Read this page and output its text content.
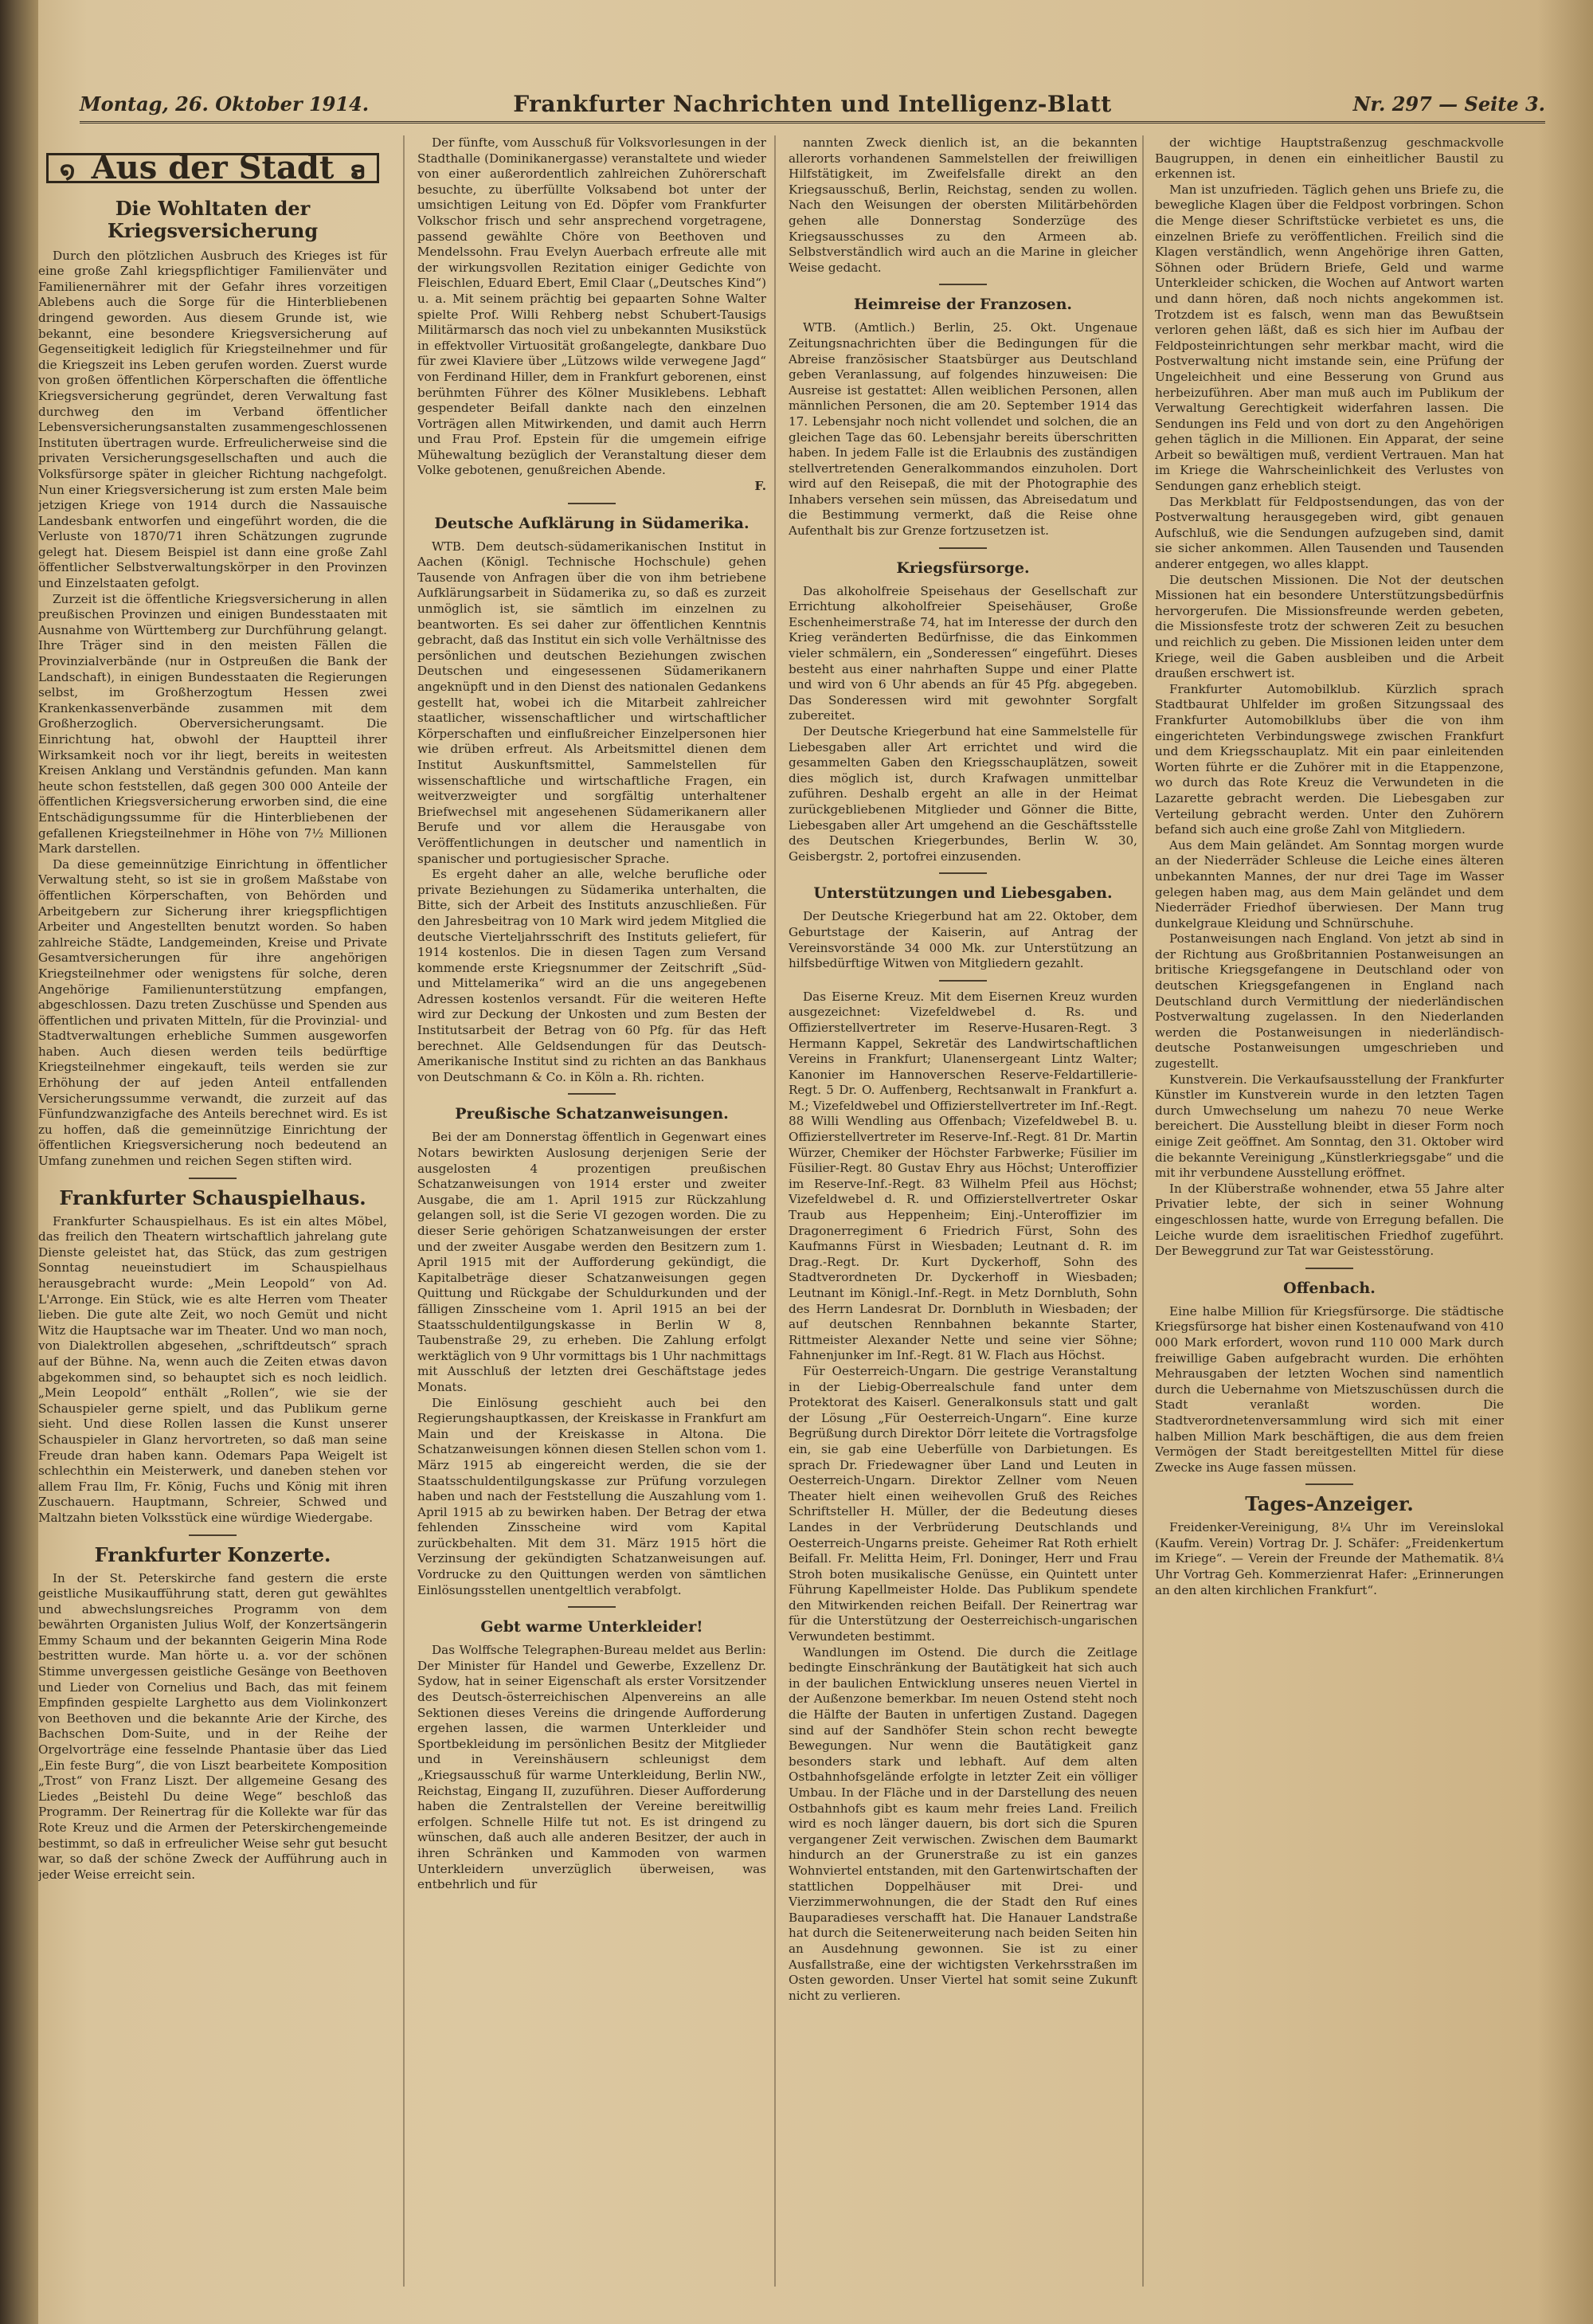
Montag, 26. Oktober 1914.	Frankfurter Nachrichten und Intelligenz-Blatt	Nr. 297 — Seite 3.
໑ Aus der Stadt ອ
Die Wohltaten der Kriegsversicherung

Durch den plötzlichen Ausbruch des Krieges ist für eine große Zahl kriegspflichtiger Familienväter und Familienernährer mit der Gefahr ihres vorzeitigen Ablebens auch die Sorge für die Hinterbliebenen dringend geworden. Aus diesem Grunde ist, wie bekannt, eine besondere Kriegsversicherung auf Gegenseitigkeit lediglich für Kriegsteilnehmer und für die Kriegszeit ins Leben gerufen worden. Zuerst wurde von großen öffentlichen Körperschaften die öffentliche Kriegsversicherung gegründet, deren Verwaltung fast durchweg den im Verband öffentlicher Lebensversicherungsanstalten zusammengeschlossenen Instituten übertragen wurde. Erfreulicherweise sind die privaten Versicherungsgesellschaften und auch die Volksfürsorge später in gleicher Richtung nachgefolgt. Nun einer Kriegsversicherung ist zum ersten Male beim jetzigen Kriege von 1914 durch die Nassauische Landesbank entworfen und eingeführt worden, die die Verluste von 1870/71 ihren Schätzungen zugrunde gelegt hat. Diesem Beispiel ist dann eine große Zahl öffentlicher Selbstverwaltungskörper in den Provinzen und Einzelstaaten gefolgt.

Zurzeit ist die öffentliche Kriegsversicherung in allen preußischen Provinzen und einigen Bundesstaaten mit Ausnahme von Württemberg zur Durchführung gelangt. Ihre Träger sind in den meisten Fällen die Provinzialverbände (nur in Ostpreußen die Bank der Landschaft), in einigen Bundesstaaten die Regierungen selbst, im Großherzogtum Hessen zwei Krankenkassenverbände zusammen mit dem Großherzoglich. Oberversicherungsamt. Die Einrichtung hat, obwohl der Hauptteil ihrer Wirksamkeit noch vor ihr liegt, bereits in weitesten Kreisen Anklang und Verständnis gefunden. Man kann heute schon feststellen, daß gegen 300 000 Anteile der öffentlichen Kriegsversicherung erworben sind, die eine Entschädigungssumme für die Hinterbliebenen der gefallenen Kriegsteilnehmer in Höhe von 7½ Millionen Mark darstellen.

Da diese gemeinnützige Einrichtung in öffentlicher Verwaltung steht, so ist sie in großem Maßstabe von öffentlichen Körperschaften, von Behörden und Arbeitgebern zur Sicherung ihrer kriegspflichtigen Arbeiter und Angestellten benutzt worden. So haben zahlreiche Städte, Landgemeinden, Kreise und Private Gesamtversicherungen für ihre angehörigen Kriegsteilnehmer oder wenigstens für solche, deren Angehörige Familienunterstützung empfangen, abgeschlossen. Dazu treten Zuschüsse und Spenden aus öffentlichen und privaten Mitteln, für die Provinzial- und Stadtverwaltungen erhebliche Summen ausgeworfen haben. Auch diesen werden teils bedürftige Kriegsteilnehmer eingekauft, teils werden sie zur Erhöhung der auf jeden Anteil entfallenden Versicherungssumme verwandt, die zurzeit auf das Fünfundzwanzigfache des Anteils berechnet wird. Es ist zu hoffen, daß die gemeinnützige Einrichtung der öffentlichen Kriegsversicherung noch bedeutend an Umfang zunehmen und reichen Segen stiften wird.

Frankfurter Schauspielhaus.

Frankfurter Schauspielhaus. Es ist ein altes Möbel, das freilich den Theatern wirtschaftlich jahrelang gute Dienste geleistet hat, das Stück, das zum gestrigen Sonntag neueinstudiert im Schauspielhaus herausgebracht wurde: „Mein Leopold“ von Ad. L'Arronge. Ein Stück, wie es alte Herren vom Theater lieben. Die gute alte Zeit, wo noch Gemüt und nicht Witz die Hauptsache war im Theater. Und wo man noch, von Dialektrollen abgesehen, „schriftdeutsch“ sprach auf der Bühne. Na, wenn auch die Zeiten etwas davon abgekommen sind, so behauptet sich es noch leidlich. „Mein Leopold“ enthält „Rollen“, wie sie der Schauspieler gerne spielt, und das Publikum gerne sieht. Und diese Rollen lassen die Kunst unserer Schauspieler in Glanz hervortreten, so daß man seine Freude dran haben kann. Odemars Papa Weigelt ist schlechthin ein Meisterwerk, und daneben stehen vor allem Frau Ilm, Fr. König, Fuchs und König mit ihren Zuschauern. Hauptmann, Schreier, Schwed und Maltzahn bieten Volksstück eine würdige Wiedergabe.

Frankfurter Konzerte.

In der St. Peterskirche fand gestern die erste geistliche Musikaufführung statt, deren gut gewähltes und abwechslungsreiches Programm von dem bewährten Organisten Julius Wolf, der Konzertsängerin Emmy Schaum und der bekannten Geigerin Mina Rode bestritten wurde. Man hörte u. a. vor der schönen Stimme unvergessen geistliche Gesänge von Beethoven und Lieder von Cornelius und Bach, das mit feinem Empfinden gespielte Larghetto aus dem Violinkonzert von Beethoven und die bekannte Arie der Kirche, des Bachschen Dom-Suite, und in der Reihe der Orgelvorträge eine fesselnde Phantasie über das Lied „Ein feste Burg“, die von Liszt bearbeitete Komposition „Trost“ von Franz Liszt. Der allgemeine Gesang des Liedes „Beistehl Du deine Wege“ beschloß das Programm. Der Reinertrag für die Kollekte war für das Rote Kreuz und die Armen der Peterskirchengemeinde bestimmt, so daß in erfreulicher Weise sehr gut besucht war, so daß der schöne Zweck der Aufführung auch in jeder Weise erreicht sein.

Der fünfte, vom Ausschuß für Volksvorlesungen in der Stadthalle (Dominikanergasse) veranstaltete und wieder von einer außerordentlich zahlreichen Zuhörerschaft besuchte, zu überfüllte Volksabend bot unter der umsichtigen Leitung von Ed. Döpfer vom Frankfurter Volkschor frisch und sehr ansprechend vorgetragene, passend gewählte Chöre von Beethoven und Mendelssohn. Frau Evelyn Auerbach erfreute alle mit der wirkungsvollen Rezitation einiger Gedichte von Fleischlen, Eduard Ebert, Emil Claar („Deutsches Kind“) u. a. Mit seinem prächtig bei gepaarten Sohne Walter spielte Prof. Willi Rehberg nebst Schubert-Tausigs Militärmarsch das noch viel zu unbekannten Musikstück in effektvoller Virtuosität großangelegte, dankbare Duo für zwei Klaviere über „Lützows wilde verwegene Jagd“ von Ferdinand Hiller, dem in Frankfurt geborenen, einst berühmten Führer des Kölner Musiklebens. Lebhaft gespendeter Beifall dankte nach den einzelnen Vorträgen allen Mitwirkenden, und damit auch Herrn und Frau Prof. Epstein für die umgemein eifrige Mühewaltung bezüglich der Veranstaltung dieser dem Volke gebotenen, genußreichen Abende.

F.
Deutsche Aufklärung in Südamerika.

WTB. Dem deutsch-südamerikanischen Institut in Aachen (Königl. Technische Hochschule) gehen Tausende von Anfragen über die von ihm betriebene Aufklärungsarbeit in Südamerika zu, so daß es zurzeit unmöglich ist, sie sämtlich im einzelnen zu beantworten. Es sei daher zur öffentlichen Kenntnis gebracht, daß das Institut ein sich volle Verhältnisse des persönlichen und deutschen Beziehungen zwischen Deutschen und eingesessenen Südamerikanern angeknüpft und in den Dienst des nationalen Gedankens gestellt hat, wobei ich die Mitarbeit zahlreicher staatlicher, wissenschaftlicher und wirtschaftlicher Körperschaften und einflußreicher Einzelpersonen hier wie drüben erfreut. Als Arbeitsmittel dienen dem Institut Auskunftsmittel, Sammelstellen für wissenschaftliche und wirtschaftliche Fragen, ein weitverzweigter und sorgfältig unterhaltener Briefwechsel mit angesehenen Südamerikanern aller Berufe und vor allem die Herausgabe von Veröffentlichungen in deutscher und namentlich in spanischer und portugiesischer Sprache.

Es ergeht daher an alle, welche berufliche oder private Beziehungen zu Südamerika unterhalten, die Bitte, sich der Arbeit des Instituts anzuschließen. Für den Jahresbeitrag von 10 Mark wird jedem Mitglied die deutsche Vierteljahrsschrift des Instituts geliefert, für 1914 kostenlos. Die in diesen Tagen zum Versand kommende erste Kriegsnummer der Zeitschrift „Süd- und Mittelamerika“ wird an die uns angegebenen Adressen kostenlos versandt. Für die weiteren Hefte wird zur Deckung der Unkosten und zum Besten der Institutsarbeit der Betrag von 60 Pfg. für das Heft berechnet. Alle Geldsendungen für das Deutsch-Amerikanische Institut sind zu richten an das Bankhaus von Deutschmann & Co. in Köln a. Rh. richten.

Preußische Schatzanweisungen.

Bei der am Donnerstag öffentlich in Gegenwart eines Notars bewirkten Auslosung derjenigen Serie der ausgelosten 4 prozentigen preußischen Schatzanweisungen von 1914 erster und zweiter Ausgabe, die am 1. April 1915 zur Rückzahlung gelangen soll, ist die Serie VI gezogen worden. Die zu dieser Serie gehörigen Schatzanweisungen der erster und der zweiter Ausgabe werden den Besitzern zum 1. April 1915 mit der Aufforderung gekündigt, die Kapitalbeträge dieser Schatzanweisungen gegen Quittung und Rückgabe der Schuldurkunden und der fälligen Zinsscheine vom 1. April 1915 an bei der Staatsschuldentilgungskasse in Berlin W 8, Taubenstraße 29, zu erheben. Die Zahlung erfolgt werktäglich von 9 Uhr vormittags bis 1 Uhr nachmittags mit Ausschluß der letzten drei Geschäftstage jedes Monats.

Die Einlösung geschieht auch bei den Regierungshauptkassen, der Kreiskasse in Frankfurt am Main und der Kreiskasse in Altona. Die Schatzanweisungen können diesen Stellen schon vom 1. März 1915 ab eingereicht werden, die sie der Staatsschuldentilgungskasse zur Prüfung vorzulegen haben und nach der Feststellung die Auszahlung vom 1. April 1915 ab zu bewirken haben. Der Betrag der etwa fehlenden Zinsscheine wird vom Kapital zurückbehalten. Mit dem 31. März 1915 hört die Verzinsung der gekündigten Schatzanweisungen auf. Vordrucke zu den Quittungen werden von sämtlichen Einlösungsstellen unentgeltlich verabfolgt.

Gebt warme Unterkleider!

Das Wolffsche Telegraphen-Bureau meldet aus Berlin: Der Minister für Handel und Gewerbe, Exzellenz Dr. Sydow, hat in seiner Eigenschaft als erster Vorsitzender des Deutsch-österreichischen Alpenvereins an alle Sektionen dieses Vereins die dringende Aufforderung ergehen lassen, die warmen Unterkleider und Sportbekleidung im persönlichen Besitz der Mitglieder und in Vereinshäusern schleunigst dem „Kriegsausschuß für warme Unterkleidung, Berlin NW., Reichstag, Eingang II, zuzuführen. Dieser Aufforderung haben die Zentralstellen der Vereine bereitwillig erfolgen. Schnelle Hilfe tut not. Es ist dringend zu wünschen, daß auch alle anderen Besitzer, der auch in ihren Schränken und Kammoden von warmen Unterkleidern unverzüglich überweisen, was entbehrlich und für

nannten Zweck dienlich ist, an die bekannten allerorts vorhandenen Sammelstellen der freiwilligen Hilfstätigkeit, im Zweifelsfalle direkt an den Kriegsausschuß, Berlin, Reichstag, senden zu wollen. Nach den Weisungen der obersten Militärbehörden gehen alle Donnerstag Sonderzüge des Kriegsausschusses zu den Armeen ab. Selbstverständlich wird auch an die Marine in gleicher Weise gedacht.

Heimreise der Franzosen.

WTB. (Amtlich.) Berlin, 25. Okt. Ungenaue Zeitungsnachrichten über die Bedingungen für die Abreise französischer Staatsbürger aus Deutschland geben Veranlassung, auf folgendes hinzuweisen: Die Ausreise ist gestattet: Allen weiblichen Personen, allen männlichen Personen, die am 20. September 1914 das 17. Lebensjahr noch nicht vollendet und solchen, die an gleichen Tage das 60. Lebensjahr bereits überschritten haben. In jedem Falle ist die Erlaubnis des zuständigen stellvertretenden Generalkommandos einzuholen. Dort wird auf den Reisepaß, die mit der Photographie des Inhabers versehen sein müssen, das Abreisedatum und die Bestimmung vermerkt, daß die Reise ohne Aufenthalt bis zur Grenze fortzusetzen ist.

Kriegsfürsorge.

Das alkoholfreie Speisehaus der Gesellschaft zur Errichtung alkoholfreier Speisehäuser, Große Eschenheimerstraße 74, hat im Interesse der durch den Krieg veränderten Bedürfnisse, die das Einkommen vieler schmälern, ein „Sonderessen“ eingeführt. Dieses besteht aus einer nahrhaften Suppe und einer Platte und wird von 6 Uhr abends an für 45 Pfg. abgegeben. Das Sonderessen wird mit gewohnter Sorgfalt zubereitet.

Der Deutsche Kriegerbund hat eine Sammelstelle für Liebesgaben aller Art errichtet und wird die gesammelten Gaben den Kriegsschauplätzen, soweit dies möglich ist, durch Krafwagen unmittelbar zuführen. Deshalb ergeht an alle in der Heimat zurückgebliebenen Mitglieder und Gönner die Bitte, Liebesgaben aller Art umgehend an die Geschäftsstelle des Deutschen Kriegerbundes, Berlin W. 30, Geisbergstr. 2, portofrei einzusenden.

Unterstützungen und Liebesgaben.

Der Deutsche Kriegerbund hat am 22. Oktober, dem Geburtstage der Kaiserin, auf Antrag der Vereinsvorstände 34 000 Mk. zur Unterstützung an hilfsbedürftige Witwen von Mitgliedern gezahlt.

Das Eiserne Kreuz. Mit dem Eisernen Kreuz wurden ausgezeichnet: Vizefeldwebel d. Rs. und Offizierstellvertreter im Reserve-Husaren-Regt. 3 Hermann Kappel, Sekretär des Landwirtschaftlichen Vereins in Frankfurt; Ulanensergeant Lintz Walter; Kanonier im Hannoverschen Reserve-Feldartillerie-Regt. 5 Dr. O. Auffenberg, Rechtsanwalt in Frankfurt a. M.; Vizefeldwebel und Offizierstellvertreter im Inf.-Regt. 88 Willi Wendling aus Offenbach; Vizefeldwebel B. u. Offizierstellvertreter im Reserve-Inf.-Regt. 81 Dr. Martin Würzer, Chemiker der Höchster Farbwerke; Füsilier im Füsilier-Regt. 80 Gustav Ehry aus Höchst; Unteroffizier im Reserve-Inf.-Regt. 83 Wilhelm Pfeil aus Höchst; Vizefeldwebel d. R. und Offizierstellvertreter Oskar Traub aus Heppenheim; Einj.-Unteroffizier im Dragonerregiment 6 Friedrich Fürst, Sohn des Kaufmanns Fürst in Wiesbaden; Leutnant d. R. im Drag.-Regt. Dr. Kurt Dyckerhoff, Sohn des Stadtverordneten Dr. Dyckerhoff in Wiesbaden; Leutnant im Königl.-Inf.-Regt. in Metz Dornbluth, Sohn des Herrn Landesrat Dr. Dornbluth in Wiesbaden; der auf deutschen Rennbahnen bekannte Starter, Rittmeister Alexander Nette und seine vier Söhne; Fahnenjunker im Inf.-Regt. 81 W. Flach aus Höchst.

Für Oesterreich-Ungarn. Die gestrige Veranstaltung in der Liebig-Oberrealschule fand unter dem Protektorat des Kaiserl. Generalkonsuls statt und galt der Lösung „Für Oesterreich-Ungarn“. Eine kurze Begrüßung durch Direktor Dörr leitete die Vortragsfolge ein, sie gab eine Ueberfülle von Darbietungen. Es sprach Dr. Friedewagner über Land und Leuten in Oesterreich-Ungarn. Direktor Zellner vom Neuen Theater hielt einen weihevollen Gruß des Reiches Schriftsteller H. Müller, der die Bedeutung dieses Landes in der Verbrüderung Deutschlands und Oesterreich-Ungarns preiste. Geheimer Rat Roth erhielt Beifall. Fr. Melitta Heim, Frl. Doninger, Herr und Frau Stroh boten musikalische Genüsse, ein Quintett unter Führung Kapellmeister Holde. Das Publikum spendete den Mitwirkenden reichen Beifall. Der Reinertrag war für die Unterstützung der Oesterreichisch-ungarischen Verwundeten bestimmt.

Wandlungen im Ostend. Die durch die Zeitlage bedingte Einschränkung der Bautätigkeit hat sich auch in der baulichen Entwicklung unseres neuen Viertel in der Außenzone bemerkbar. Im neuen Ostend steht noch die Hälfte der Bauten in unfertigen Zustand. Dagegen sind auf der Sandhöfer Stein schon recht bewegte Bewegungen. Nur wenn die Bautätigkeit ganz besonders stark und lebhaft. Auf dem alten Ostbahnhofsgelände erfolgte in letzter Zeit ein völliger Umbau. In der Fläche und in der Darstellung des neuen Ostbahnhofs gibt es kaum mehr freies Land. Freilich wird es noch länger dauern, bis dort sich die Spuren vergangener Zeit verwischen. Zwischen dem Baumarkt hindurch an der Grunerstraße zu ist ein ganzes Wohnviertel entstanden, mit den Gartenwirtschaften der stattlichen Doppelhäuser mit Drei- und Vierzimmerwohnungen, die der Stadt den Ruf eines Bauparadieses verschafft hat. Die Hanauer Landstraße hat durch die Seitenerweiterung nach beiden Seiten hin an Ausdehnung gewonnen. Sie ist zu einer Ausfallstraße, eine der wichtigsten Verkehrsstraßen im Osten geworden. Unser Viertel hat somit seine Zukunft nicht zu verlieren.

der wichtige Hauptstraßenzug geschmackvolle Baugruppen, in denen ein einheitlicher Baustil zu erkennen ist.

Man ist unzufrieden. Täglich gehen uns Briefe zu, die bewegliche Klagen über die Feldpost vorbringen. Schon die Menge dieser Schriftstücke verbietet es uns, die einzelnen Briefe zu veröffentlichen. Freilich sind die Klagen verständlich, wenn Angehörige ihren Gatten, Söhnen oder Brüdern Briefe, Geld und warme Unterkleider schicken, die Wochen auf Antwort warten und dann hören, daß noch nichts angekommen ist. Trotzdem ist es falsch, wenn man das Bewußtsein verloren gehen läßt, daß es sich hier im Aufbau der Feldposteinrichtungen sehr merkbar macht, wird die Postverwaltung nicht imstande sein, eine Prüfung der Ungeleichheit und eine Besserung von Grund aus herbeizuführen. Aber man muß auch im Publikum der Verwaltung Gerechtigkeit widerfahren lassen. Die Sendungen ins Feld und von dort zu den Angehörigen gehen täglich in die Millionen. Ein Apparat, der seine Arbeit so bewältigen muß, verdient Vertrauen. Man hat im Kriege die Wahrscheinlichkeit des Verlustes von Sendungen ganz erheblich steigt.

Das Merkblatt für Feldpostsendungen, das von der Postverwaltung herausgegeben wird, gibt genauen Aufschluß, wie die Sendungen aufzugeben sind, damit sie sicher ankommen. Allen Tausenden und Tausenden anderer entgegen, wo alles klappt.

Die deutschen Missionen. Die Not der deutschen Missionen hat ein besondere Unterstützungsbedürfnis hervorgerufen. Die Missionsfreunde werden gebeten, die Missionsfeste trotz der schweren Zeit zu besuchen und reichlich zu geben. Die Missionen leiden unter dem Kriege, weil die Gaben ausbleiben und die Arbeit draußen erschwert ist.

Frankfurter Automobilklub. Kürzlich sprach Stadtbaurat Uhlfelder im großen Sitzungssaal des Frankfurter Automobilklubs über die von ihm eingerichteten Verbindungswege zwischen Frankfurt und dem Kriegsschauplatz. Mit ein paar einleitenden Worten führte er die Zuhörer mit in die Etappenzone, wo durch das Rote Kreuz die Verwundeten in die Lazarette gebracht werden. Die Liebesgaben zur Verteilung gebracht werden. Unter den Zuhörern befand sich auch eine große Zahl von Mitgliedern.

Aus dem Main geländet. Am Sonntag morgen wurde an der Niederräder Schleuse die Leiche eines älteren unbekannten Mannes, der nur drei Tage im Wasser gelegen haben mag, aus dem Main geländet und dem Niederräder Friedhof überwiesen. Der Mann trug dunkelgraue Kleidung und Schnürschuhe.

Postanweisungen nach England. Von jetzt ab sind in der Richtung aus Großbritannien Postanweisungen an britische Kriegsgefangene in Deutschland oder von deutschen Kriegsgefangenen in England nach Deutschland durch Vermittlung der niederländischen Postverwaltung zugelassen. In den Niederlanden werden die Postanweisungen in niederländisch-deutsche Postanweisungen umgeschrieben und zugestellt.

Kunstverein. Die Verkaufsausstellung der Frankfurter Künstler im Kunstverein wurde in den letzten Tagen durch Umwechselung um nahezu 70 neue Werke bereichert. Die Ausstellung bleibt in dieser Form noch einige Zeit geöffnet. Am Sonntag, den 31. Oktober wird die bekannte Vereinigung „Künstlerkriegsgabe“ und die mit ihr verbundene Ausstellung eröffnet.

In der Klüberstraße wohnender, etwa 55 Jahre alter Privatier lebte, der sich in seiner Wohnung eingeschlossen hatte, wurde von Erregung befallen. Die Leiche wurde dem israelitischen Friedhof zugeführt. Der Beweggrund zur Tat war Geistesstörung.

Offenbach.

Eine halbe Million für Kriegsfürsorge. Die städtische Kriegsfürsorge hat bisher einen Kostenaufwand von 410 000 Mark erfordert, wovon rund 110 000 Mark durch freiwillige Gaben aufgebracht wurden. Die erhöhten Mehrausgaben der letzten Wochen sind namentlich durch die Uebernahme von Mietszuschüssen durch die Stadt veranlaßt worden. Die Stadtverordnetenversammlung wird sich mit einer halben Million Mark beschäftigen, die aus dem freien Vermögen der Stadt bereitgestellten Mittel für diese Zwecke ins Auge fassen müssen.

Tages-Anzeiger.

Freidenker-Vereinigung, 8¼ Uhr im Vereinslokal (Kaufm. Verein) Vortrag Dr. J. Schäfer: „Freidenkertum im Kriege“. — Verein der Freunde der Mathematik. 8¼ Uhr Vortrag Geh. Kommerzienrat Hafer: „Erinnerungen an den alten kirchlichen Frankfurt“.
